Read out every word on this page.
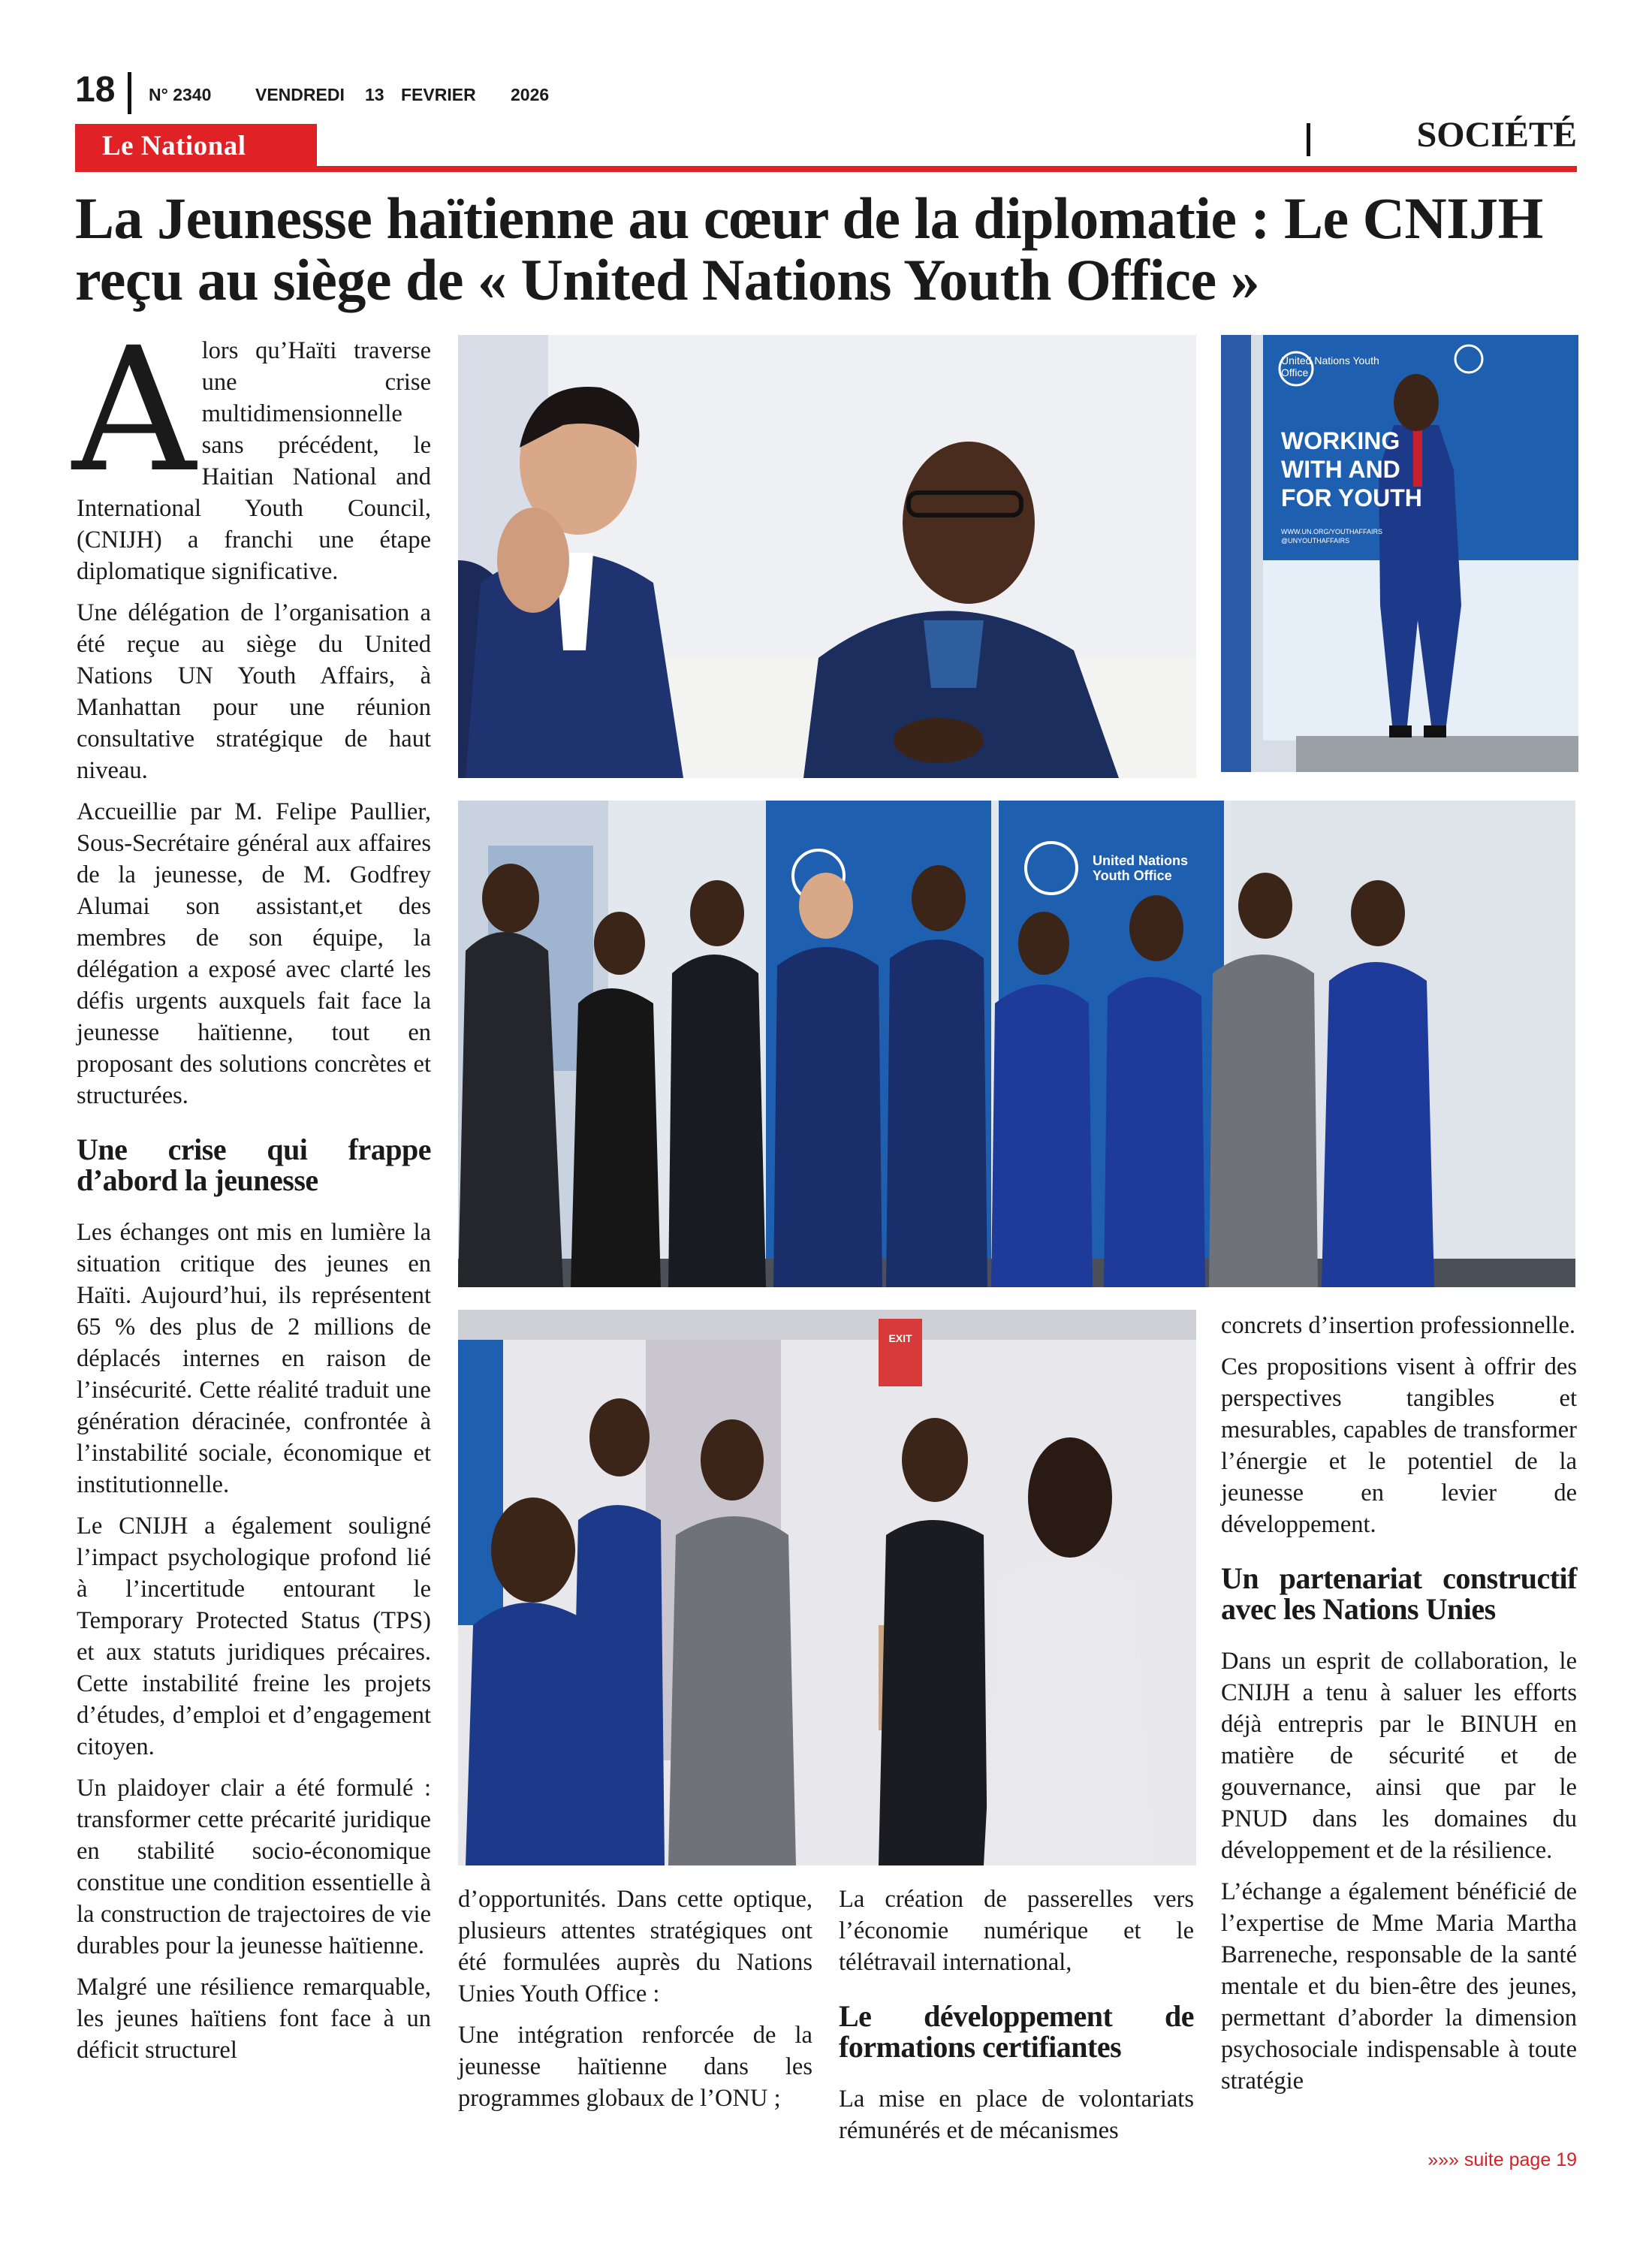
18 N° 2340	VENDREDI 13 FEVRIER 2026
Le National	SOCIÉTÉ
La Jeunesse haïtienne au cœur de la diplomatie : Le CNIJH
reçu au siège de « United Nations Youth Office »

Alors qu’Haïti traverse une crise multidimensionnelle sans précédent, le Haitian National and International Youth Council, (CNIJH) a franchi une étape diplomatique significative.

Une délégation de l’organisation a été reçue au siège du United Nations UN Youth Affairs, à Manhattan pour une réunion consultative stratégique de haut niveau.

Accueillie par M. Felipe Paullier, Sous-Secrétaire général aux affaires de la jeunesse, de M. Godfrey Alumai son assistant,et des membres de son équipe, la délégation a exposé avec clarté les défis urgents auxquels fait face la jeunesse haïtienne, tout en proposant des solutions concrètes et structurées.

Une crise qui frappe d’abord la jeunesse

Les échanges ont mis en lumière la situation critique des jeunes en Haïti. Aujourd’hui, ils représentent 65 % des plus de 2 millions de déplacés internes en raison de l’insécurité. Cette réalité traduit une génération déracinée, confrontée à l’instabilité sociale, économique et institutionnelle.

Le CNIJH a également souligné l’impact psychologique profond lié à l’incertitude entourant le Temporary Protected Status (TPS) et aux statuts juridiques précaires. Cette instabilité freine les projets d’études, d’emploi et d’engagement citoyen.

Un plaidoyer clair a été formulé : transformer cette précarité juridique en stabilité socio-économique constitue une condition essentielle à la construction de trajectoires de vie durables pour la jeunesse haïtienne.

Malgré une résilience remarquable, les jeunes haïtiens font face à un déficit structurel

d’opportunités. Dans cette optique, plusieurs attentes stratégiques ont été formulées auprès du Nations Unies Youth Office :

Une intégration renforcée de la jeunesse haïtienne dans les programmes globaux de l’ONU ;

La création de passerelles vers l’économie numérique et le télétravail international,

Le développement de formations certifiantes

La mise en place de volontariats rémunérés et de mécanismes

concrets d’insertion professionnelle.

Ces propositions visent à offrir des perspectives tangibles et mesurables, capables de transformer l’énergie et le potentiel de la jeunesse en levier de développement.

Un partenariat constructif avec les Nations Unies

Dans un esprit de collaboration, le CNIJH a tenu à saluer les efforts déjà entrepris par le BINUH en matière de sécurité et de gouvernance, ainsi que par le PNUD dans les domaines du développement et de la résilience.

L’échange a également bénéficié de l’expertise de Mme Maria Martha Barreneche, responsable de la santé mentale et du bien-être des jeunes, permettant d’aborder la dimension psychosociale indispensable à toute stratégie

»»» suite page 19
United Nations Youth Office
WORKING
WITH AND
FOR YOUTH
WWW.UN.ORG/YOUTHAFFAIRS
@UNYOUTHAFFAIRS
United Nations Youth Office
EXIT
